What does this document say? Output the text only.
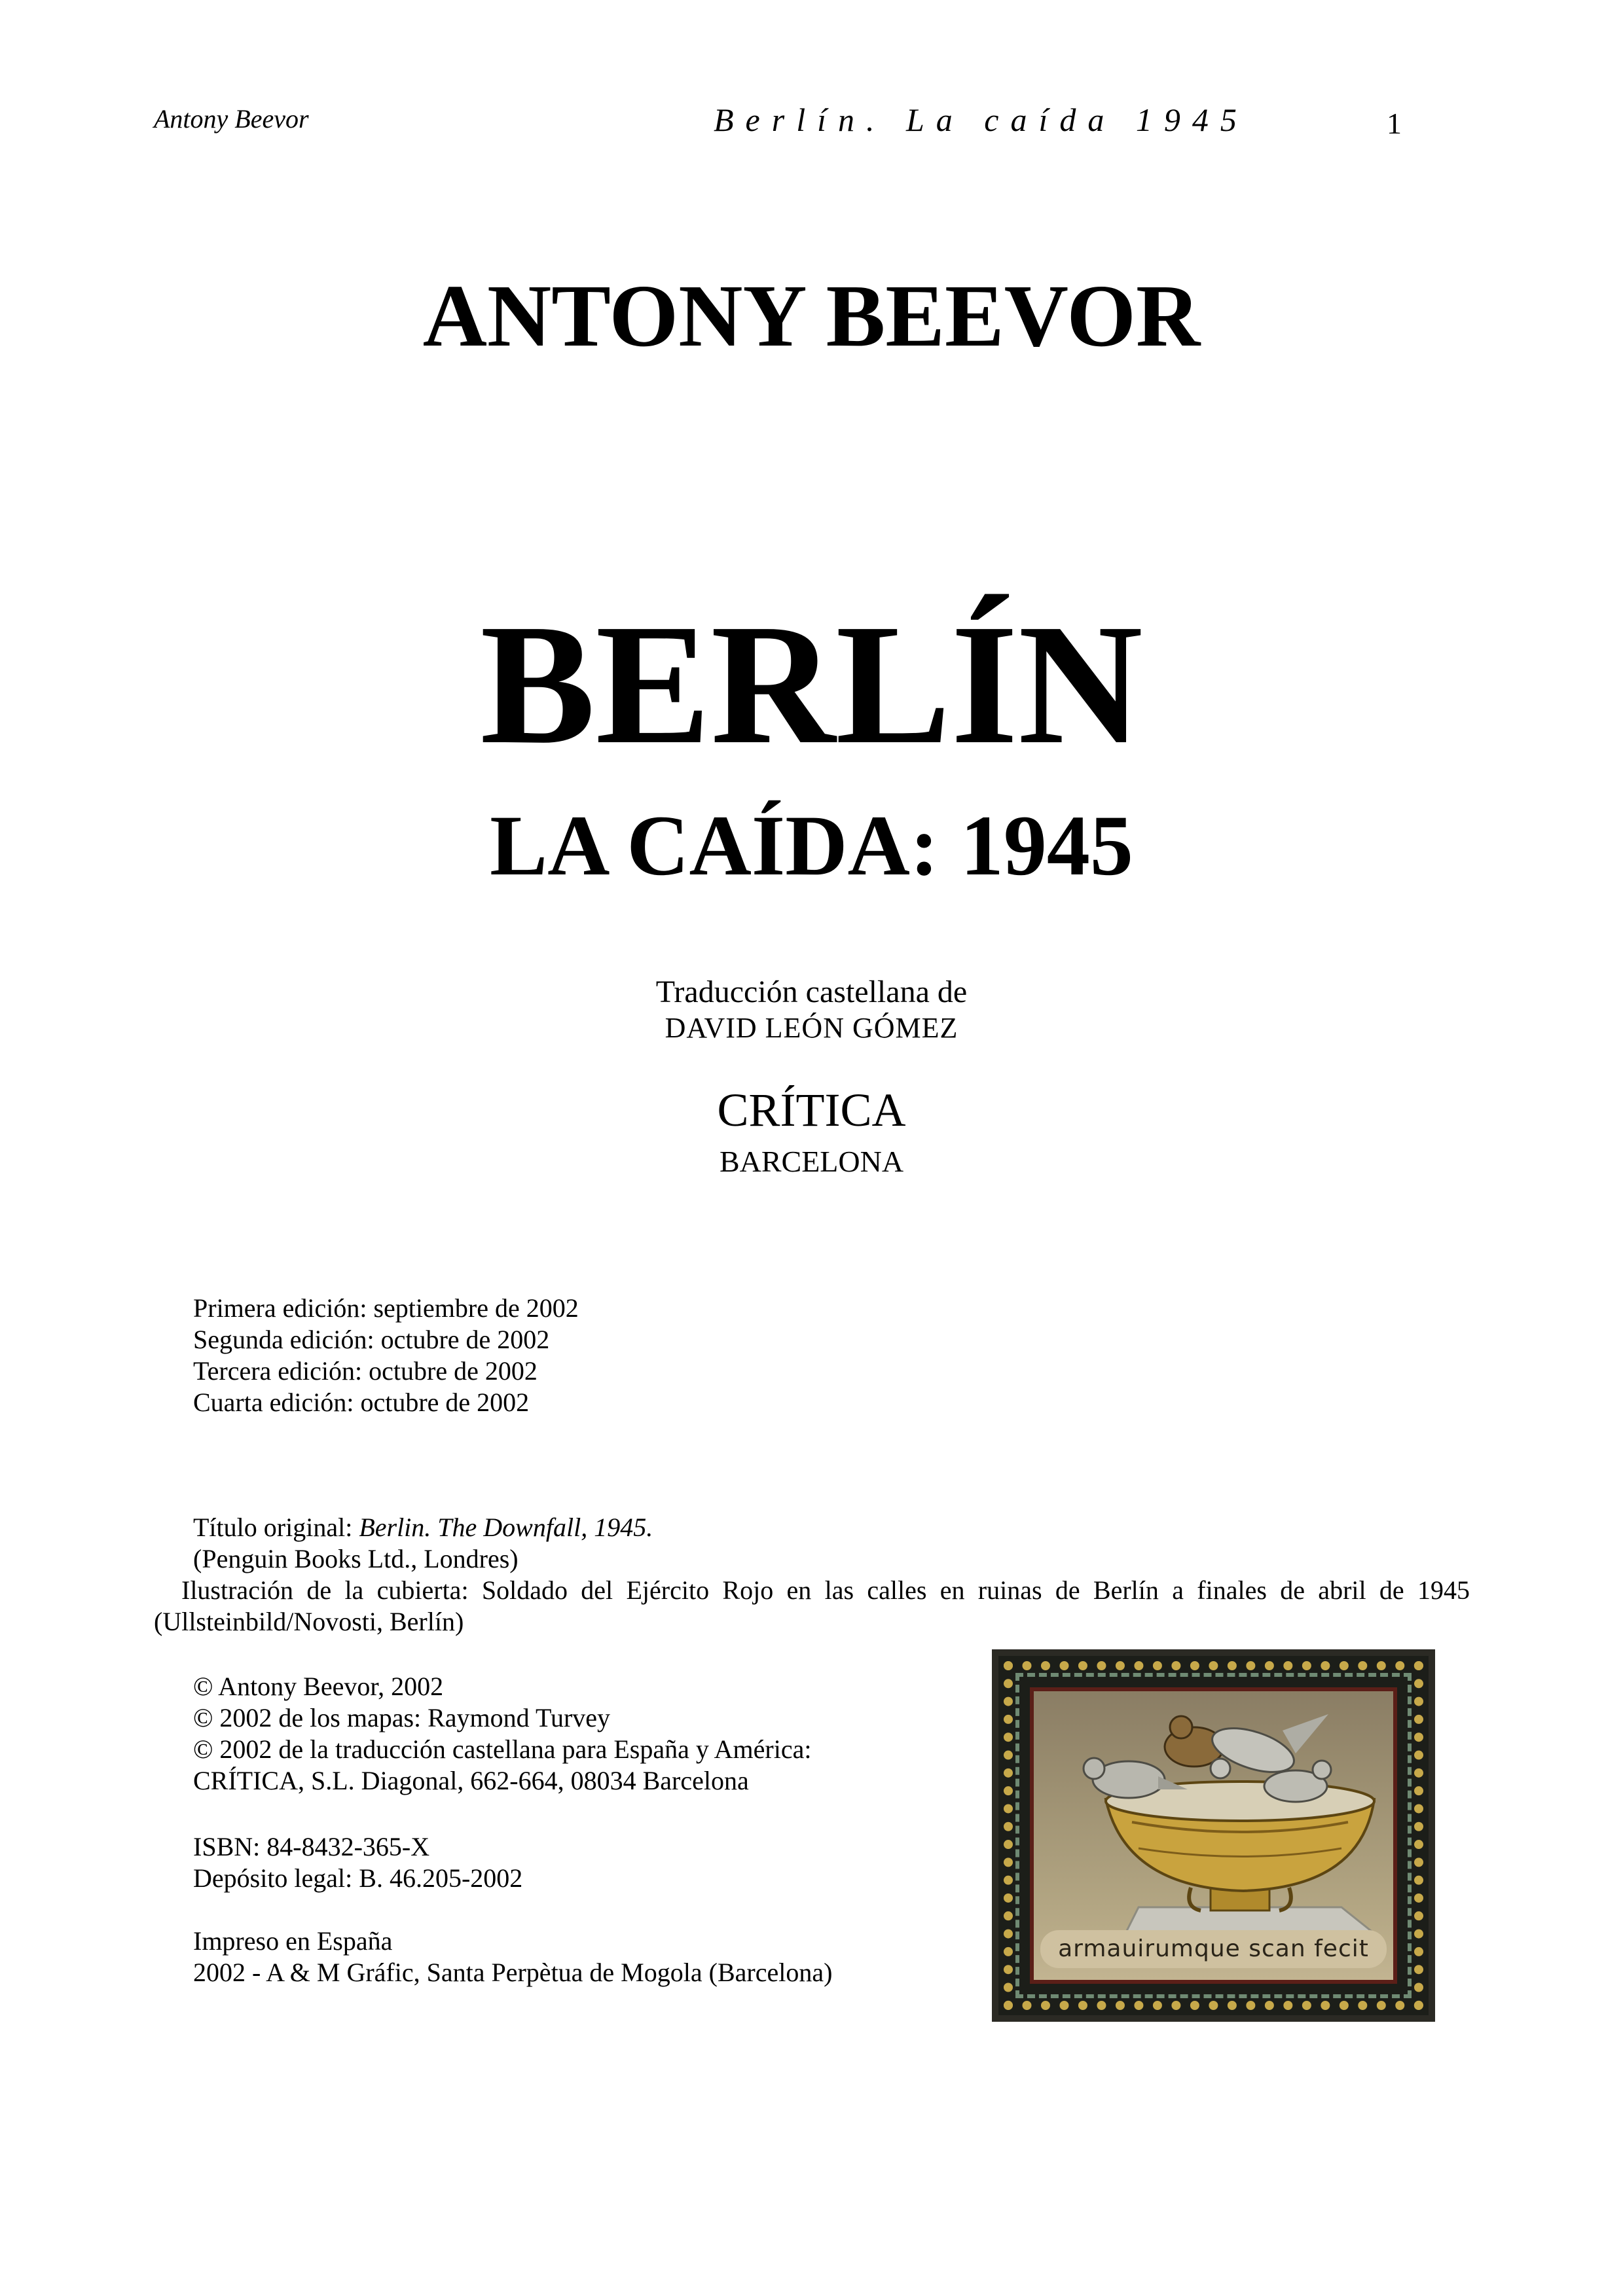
Antony Beevor	Berlín. La caída 1945	1
ANTONY BEEVOR
BERLÍN
LA CAÍDA: 1945
Traducción castellana de
DAVID LEÓN GÓMEZ
CRÍTICA
BARCELONA
Primera edición: septiembre de 2002
Segunda edición: octubre de 2002
Tercera edición: octubre de 2002
Cuarta edición: octubre de 2002
Título original: Berlin. The Downfall, 1945.
(Penguin Books Ltd., Londres)
Ilustración de la cubierta: Soldado del Ejército Rojo en las calles en ruinas de Berlín a finales de abril de 1945
(Ullsteinbild/Novosti, Berlín)
© Antony Beevor, 2002
© 2002 de los mapas: Raymond Turvey
© 2002 de la traducción castellana para España y América:
CRÍTICA, S.L. Diagonal, 662-664, 08034 Barcelona
ISBN: 84-8432-365-X
Depósito legal: B. 46.205-2002
Impreso en España
2002 - A & M Gráfic, Santa Perpètua de Mogola (Barcelona)
armauirumque scan fecit
